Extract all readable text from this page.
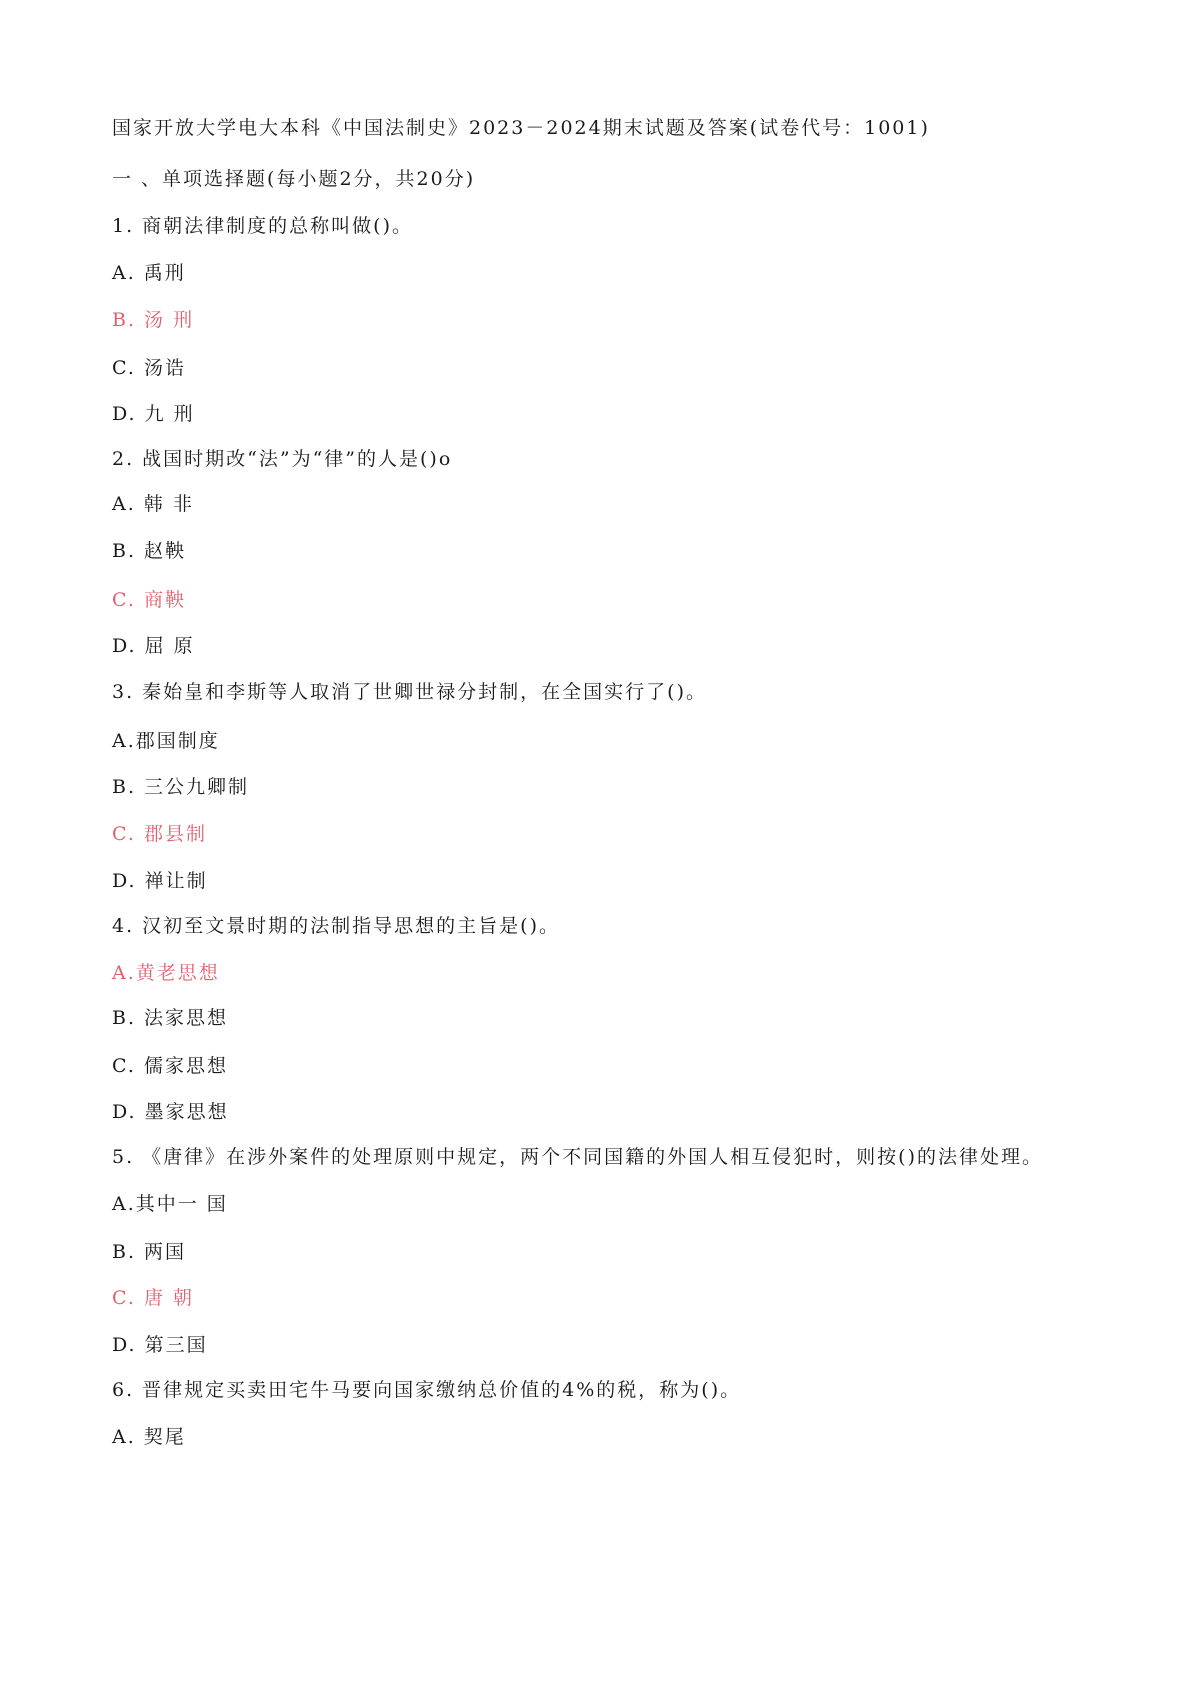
国家开放大学电大本科《中国法制史》2023－2024期末试题及答案(试卷代号：1001)
一 、单项选择题(每小题2分，共20分)
1. 商朝法律制度的总称叫做()。
A. 禹刑
B. 汤 刑
C. 汤诰
D. 九 刑
2. 战国时期改“法”为“律”的人是()o
A. 韩 非
B. 赵鞅
C. 商鞅
D. 屈 原
3. 秦始皇和李斯等人取消了世卿世禄分封制，在全国实行了()。
A.郡国制度
B. 三公九卿制
C. 郡县制
D. 禅让制
4. 汉初至文景时期的法制指导思想的主旨是()。
A.黄老思想
B. 法家思想
C. 儒家思想
D. 墨家思想
5. 《唐律》在涉外案件的处理原则中规定，两个不同国籍的外国人相互侵犯时，则按()的法律处理。
A.其中一 国
B. 两国
C. 唐 朝
D. 第三国
6. 晋律规定买卖田宅牛马要向国家缴纳总价值的4%的税，称为()。
A. 契尾
